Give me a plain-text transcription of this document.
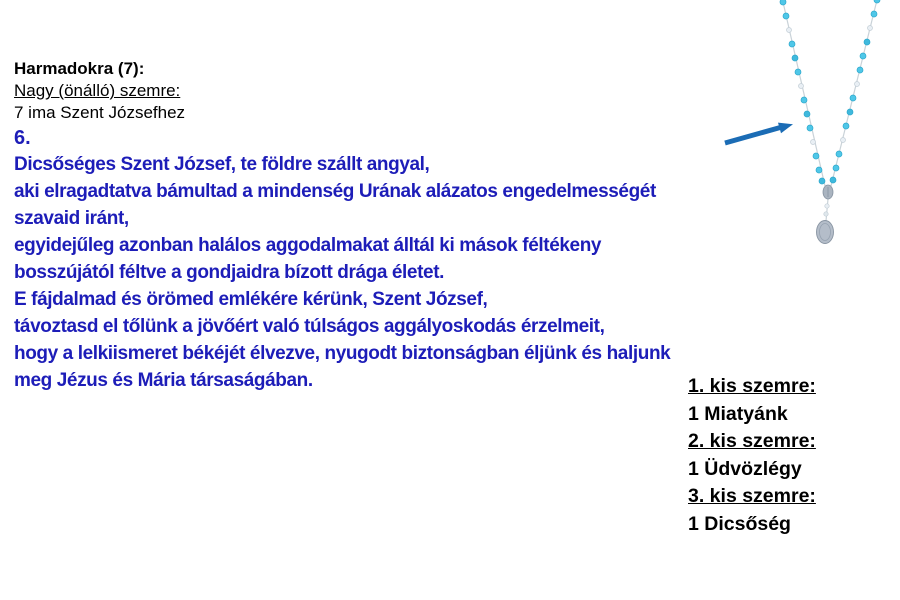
Harmadokra (7):
Nagy (önálló) szemre:
7 ima Szent Józsefhez
6.
Dicsőséges Szent József, te földre szállt angyal,
aki elragadtatva bámultad a mindenség Urának alázatos engedelmességét
szavaid iránt,
egyidejűleg azonban halálos aggodalmakat álltál ki mások féltékeny
bosszújától féltve a gondjaidra bízott drága életet.
E fájdalmad és örömed emlékére kérünk, Szent József,
távoztasd el tőlünk a jövőért való túlságos aggályoskodás érzelmeit,
hogy a lelkiismeret békéjét élvezve, nyugodt biztonságban éljünk és haljunk
meg Jézus és Mária társaságában.	1. kis szemre:
1 Miatyánk
2. kis szemre:
1 Üdvözlégy
3. kis szemre:
1 Dicsőség
